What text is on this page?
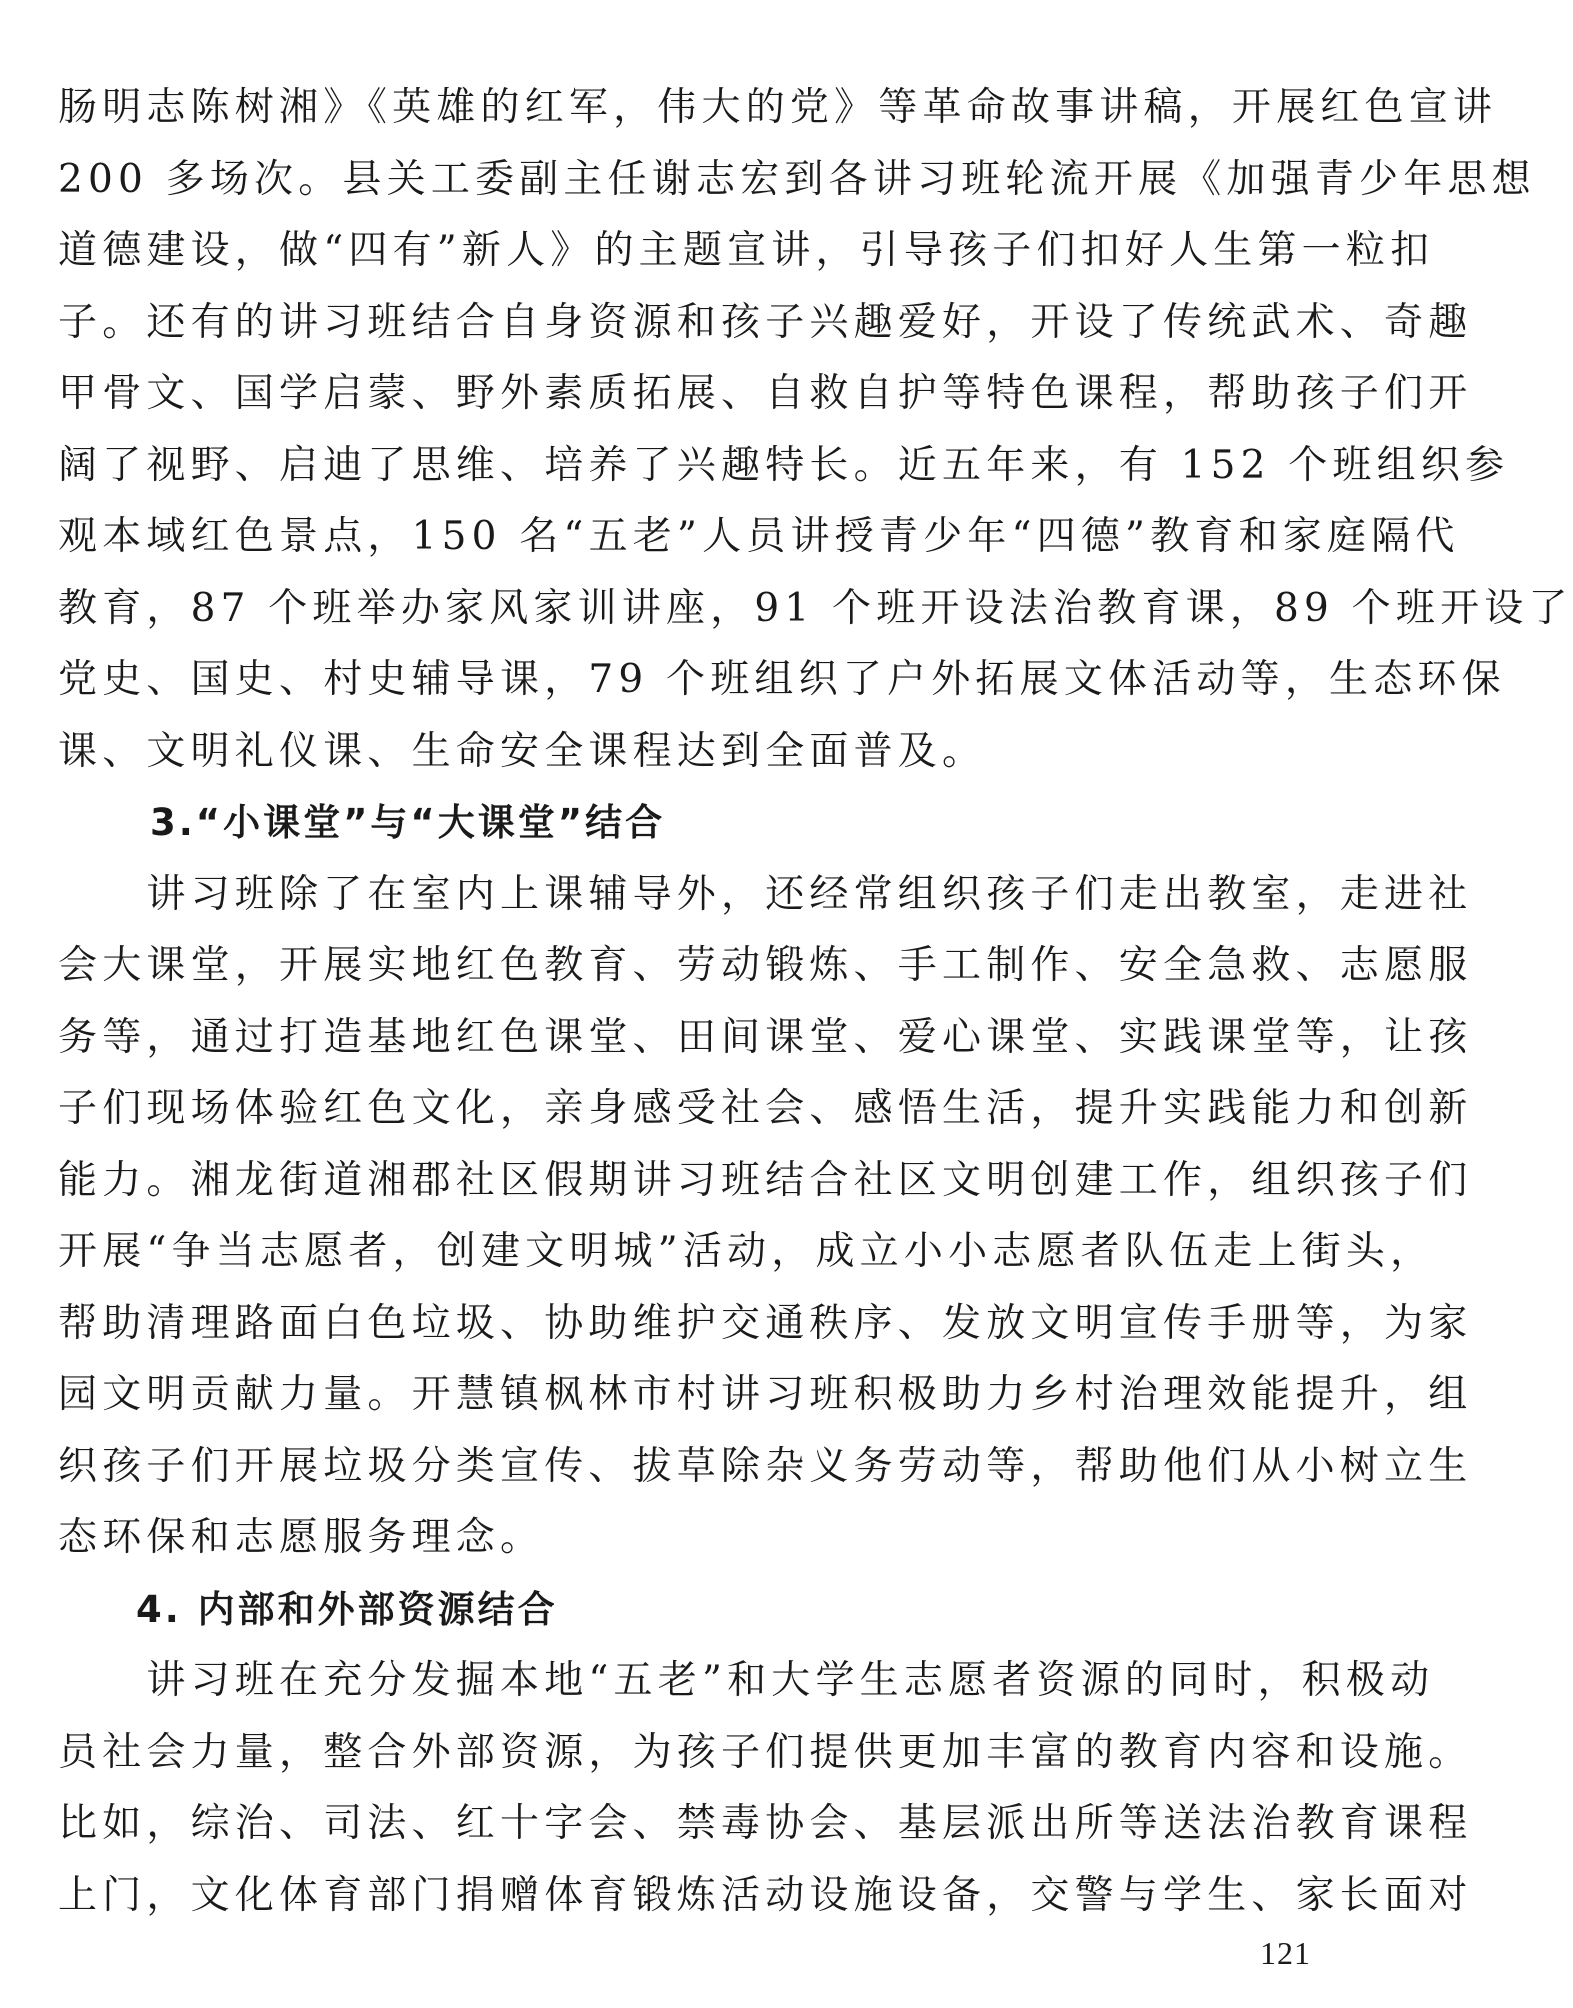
肠明志陈树湘》《英雄的红军，伟大的党》等革命故事讲稿，开展红色宣讲

200 多场次。县关工委副主任谢志宏到各讲习班轮流开展《加强青少年思想

道德建设，做“四有”新人》的主题宣讲，引导孩子们扣好人生第一粒扣

子。还有的讲习班结合自身资源和孩子兴趣爱好，开设了传统武术、奇趣

甲骨文、国学启蒙、野外素质拓展、自救自护等特色课程，帮助孩子们开

阔了视野、启迪了思维、培养了兴趣特长。近五年来，有 152 个班组织参

观本域红色景点，150 名“五老”人员讲授青少年“四德”教育和家庭隔代

教育，87 个班举办家风家训讲座，91 个班开设法治教育课，89 个班开设了

党史、国史、村史辅导课，79 个班组织了户外拓展文体活动等，生态环保

课、文明礼仪课、生命安全课程达到全面普及。

3.“小课堂”与“大课堂”结合

　　讲习班除了在室内上课辅导外，还经常组织孩子们走出教室，走进社

会大课堂，开展实地红色教育、劳动锻炼、手工制作、安全急救、志愿服

务等，通过打造基地红色课堂、田间课堂、爱心课堂、实践课堂等，让孩

子们现场体验红色文化，亲身感受社会、感悟生活，提升实践能力和创新

能力。湘龙街道湘郡社区假期讲习班结合社区文明创建工作，组织孩子们

开展“争当志愿者，创建文明城”活动，成立小小志愿者队伍走上街头，

帮助清理路面白色垃圾、协助维护交通秩序、发放文明宣传手册等，为家

园文明贡献力量。开慧镇枫林市村讲习班积极助力乡村治理效能提升，组

织孩子们开展垃圾分类宣传、拔草除杂义务劳动等，帮助他们从小树立生

态环保和志愿服务理念。

4. 内部和外部资源结合

　　讲习班在充分发掘本地“五老”和大学生志愿者资源的同时，积极动

员社会力量，整合外部资源，为孩子们提供更加丰富的教育内容和设施。

比如，综治、司法、红十字会、禁毒协会、基层派出所等送法治教育课程

上门，文化体育部门捐赠体育锻炼活动设施设备，交警与学生、家长面对

121
